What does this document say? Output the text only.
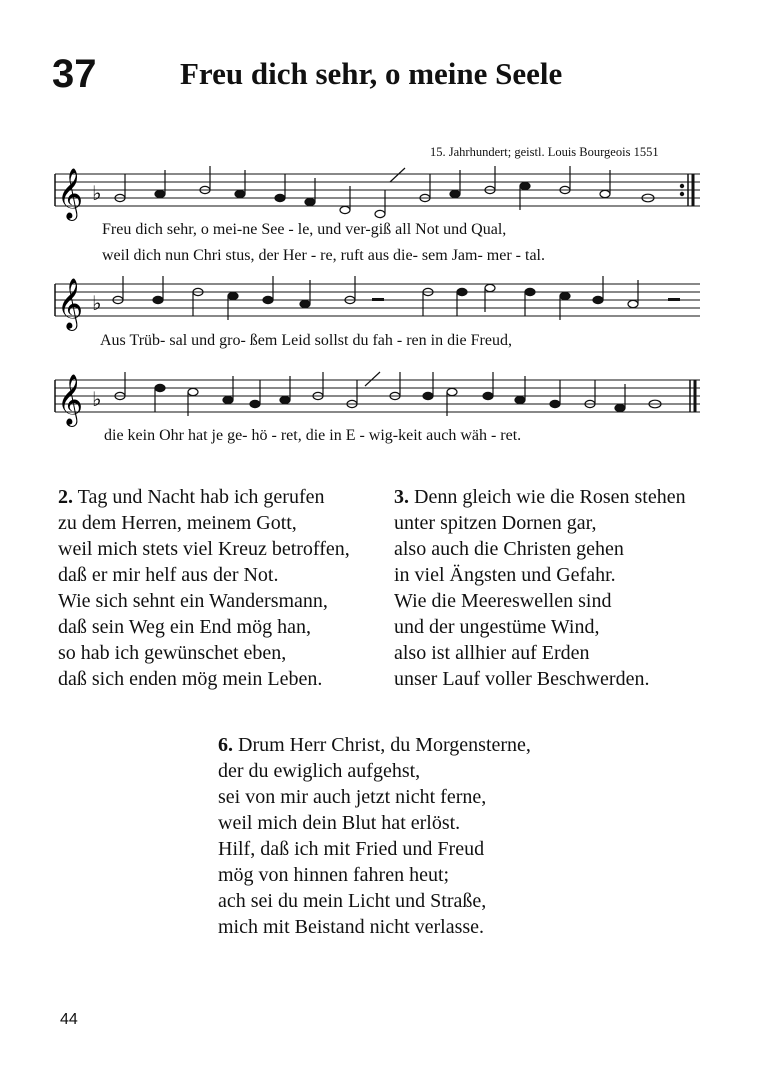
37	Freu dich sehr, o meine Seele
15. Jahrhundert; geistl. Louis Bourgeois 1551
𝄞 ♭
Freu dich sehr, o mei-ne See - le, und ver-giß all Not und Qual,
weil dich nun Chri stus, der Her - re, ruft aus die- sem Jam- mer - tal.
𝄞 ♭
Aus Trüb- sal und gro- ßem Leid sollst du fah - ren in die Freud,
𝄞 ♭
die kein Ohr hat je ge- hö - ret, die in E - wig-keit auch wäh - ret.
2. Tag und Nacht hab ich gerufen
zu dem Herren, meinem Gott,
weil mich stets viel Kreuz betroffen,
daß er mir helf aus der Not.
Wie sich sehnt ein Wandersmann,
daß sein Weg ein End mög han,
so hab ich gewünschet eben,
daß sich enden mög mein Leben.
3. Denn gleich wie die Rosen stehen
unter spitzen Dornen gar,
also auch die Christen gehen
in viel Ängsten und Gefahr.
Wie die Meereswellen sind
und der ungestüme Wind,
also ist allhier auf Erden
unser Lauf voller Beschwerden.
6. Drum Herr Christ, du Morgensterne,
der du ewiglich aufgehst,
sei von mir auch jetzt nicht ferne,
weil mich dein Blut hat erlöst.
Hilf, daß ich mit Fried und Freud
mög von hinnen fahren heut;
ach sei du mein Licht und Straße,
mich mit Beistand nicht verlasse.
44
